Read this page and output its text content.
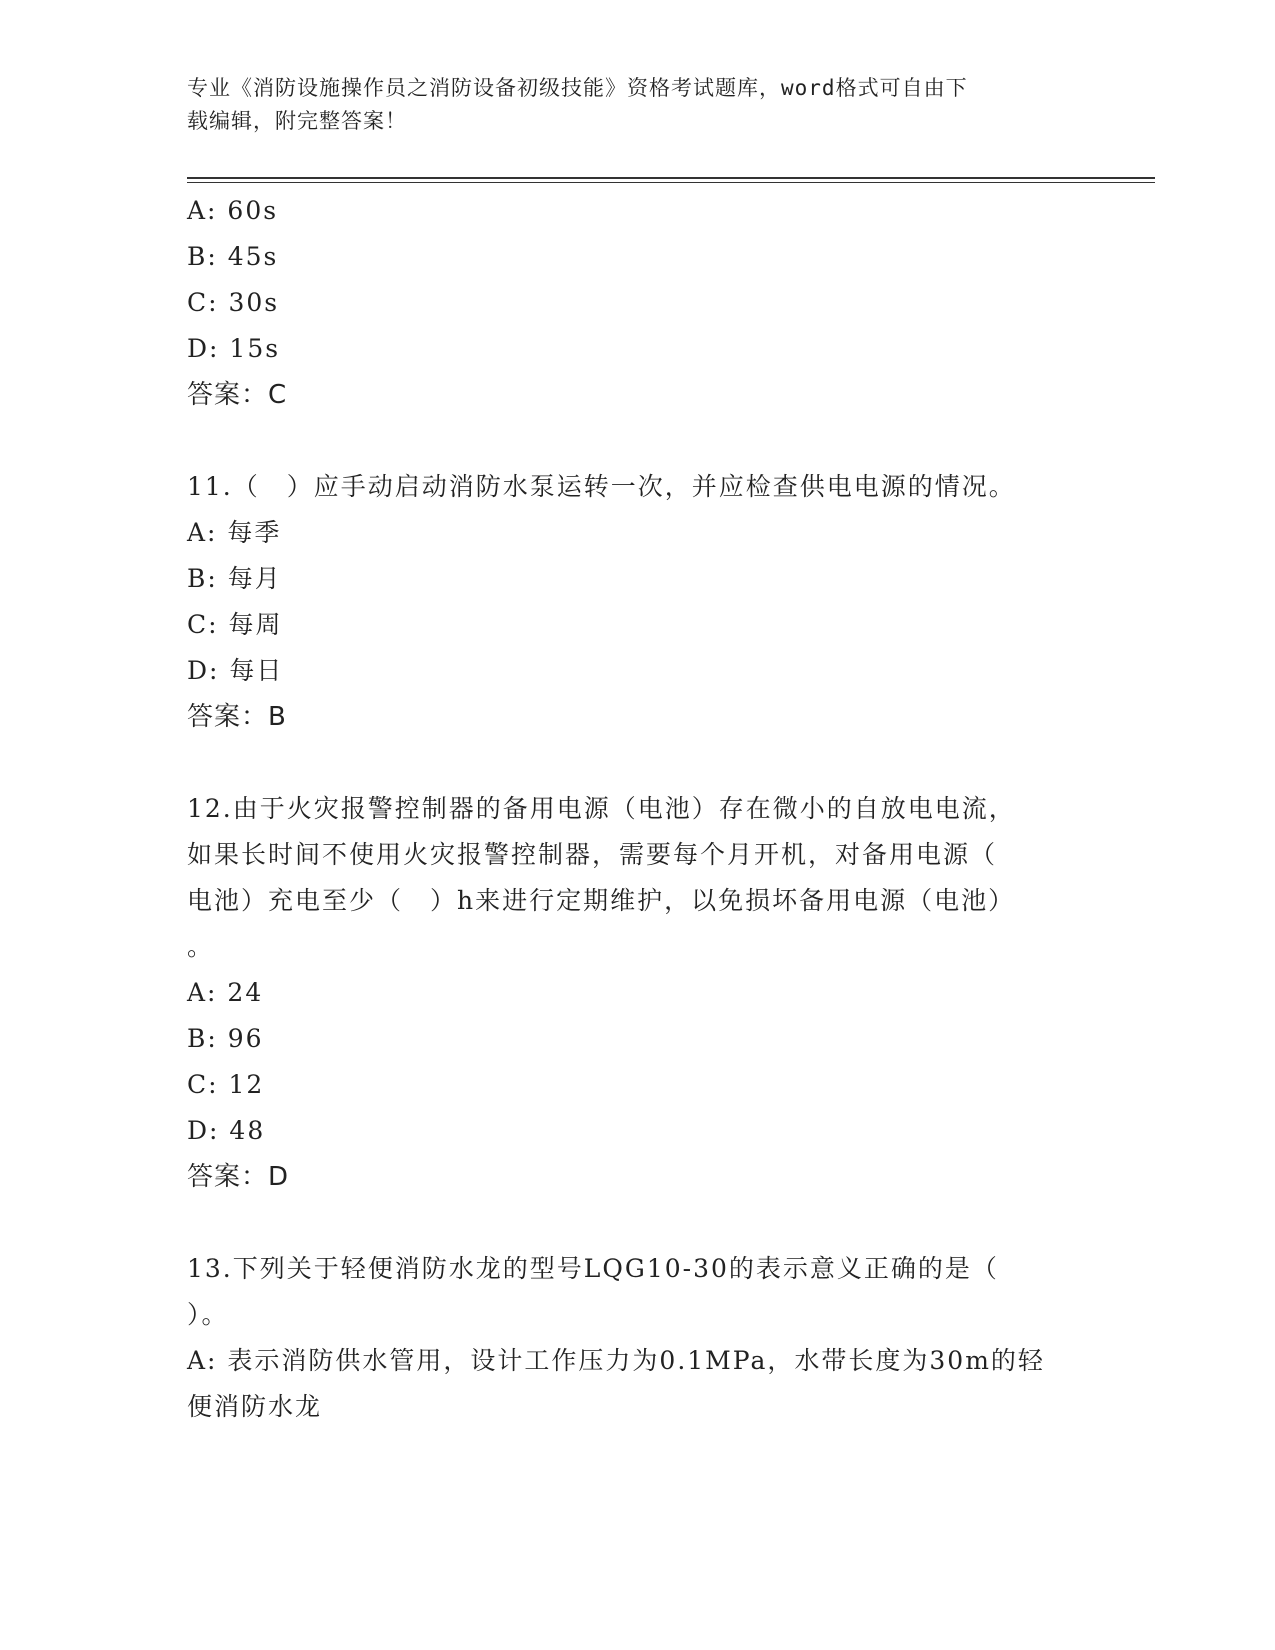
专业《消防设施操作员之消防设备初级技能》资格考试题库，word格式可自由下
载编辑，附完整答案！

A: 60s

B: 45s

C: 30s

D: 15s

答案：C

11.（　）应手动启动消防水泵运转一次，并应检查供电电源的情况。

A: 每季

B: 每月

C: 每周

D: 每日

答案：B

12.由于火灾报警控制器的备用电源（电池）存在微小的自放电电流，

如果长时间不使用火灾报警控制器，需要每个月开机，对备用电源（

电池）充电至少（　）h来进行定期维护，以免损坏备用电源（电池）

。

A: 24

B: 96

C: 12

D: 48

答案：D

13.下列关于轻便消防水龙的型号LQG10-30的表示意义正确的是（

）。

A: 表示消防供水管用，设计工作压力为0.1MPa，水带长度为30m的轻

便消防水龙
